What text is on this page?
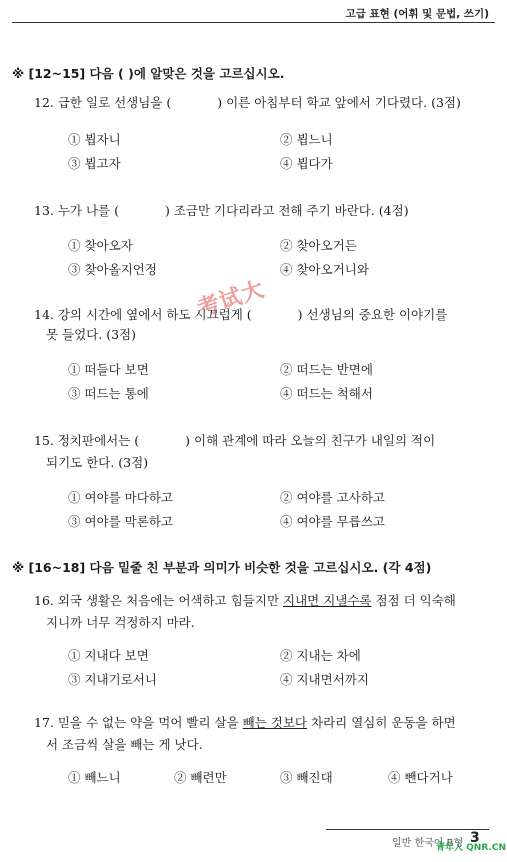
고급 표현 (어휘 및 문법, 쓰기)
※ [12~15] 다음 ( )에 알맞은 것을 고르십시오.
12. 급한 일로 선생님을 (	) 이른 아침부터 학교 앞에서 기다렸다. (3점)
① 뵙자니	② 뵙느니
③ 뵙고자	④ 뵙다가
13. 누가 나를 (	) 조금만 기다리라고 전해 주기 바란다. (4점)
① 찾아오자	② 찾아오거든
③ 찾아올지언정	④ 찾아오거니와
14. 강의 시간에 옆에서 하도 시끄럽게 (	) 선생님의 중요한 이야기를
못 들었다. (3점)
① 떠들다 보면	② 떠드는 반면에
③ 떠드는 통에	④ 떠드는 척해서
考试大
15. 정치판에서는 (	) 이해 관계에 따라 오늘의 친구가 내일의 적이
되기도 한다. (3점)
① 여야를 마다하고	② 여야를 고사하고
③ 여야를 막론하고	④ 여야를 무릅쓰고
※ [16~18] 다음 밑줄 친 부분과 의미가 비슷한 것을 고르십시오. (각 4점)
16. 외국 생활은 처음에는 어색하고 힘들지만 지내면 지낼수록 점점 더 익숙해
지니까 너무 걱정하지 마라.
① 지내다 보면	② 지내는 차에
③ 지내기로서니	④ 지내면서까지
17. 믿을 수 없는 약을 먹어 빨리 살을 빼는 것보다 차라리 열심히 운동을 하면
서 조금씩 살을 빼는 게 낫다.
① 빼느니	② 빼련만	③ 빼진대	④ 뺀다거나
일반 한국어 B형 3
青年人 QNR.CN
